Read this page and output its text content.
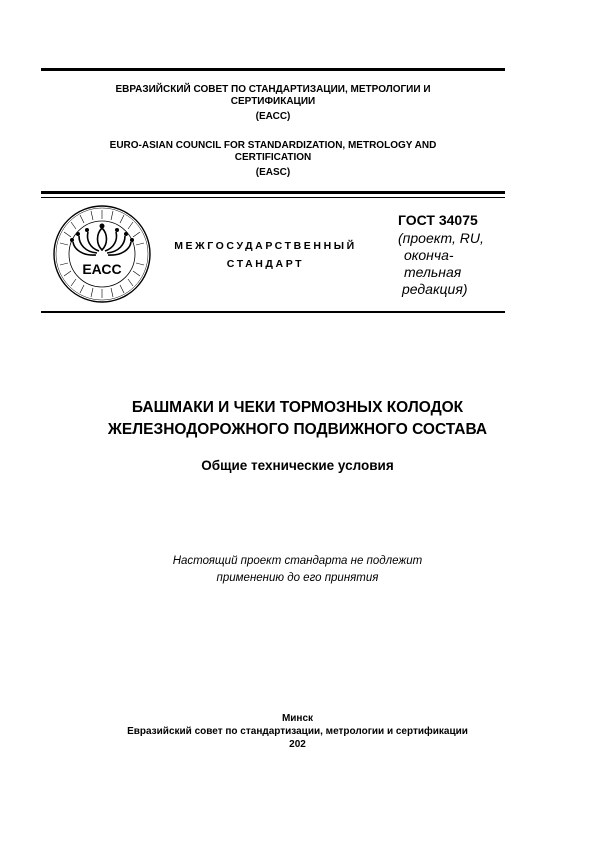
ЕВРАЗИЙСКИЙ СОВЕТ ПО СТАНДАРТИЗАЦИИ, МЕТРОЛОГИИ И
СЕРТИФИКАЦИИ
(ЕАСС)
EURO-ASIAN COUNCIL FOR STANDARDIZATION, METROLOGY AND
CERTIFICATION
(EASC)
ЕАСС
МЕЖГОСУДАРСТВЕННЫЙ
СТАНДАРТ
ГОСТ 34075
(проект, RU,
оконча-
тельная
редакция)
БАШМАКИ И ЧЕКИ ТОРМОЗНЫХ КОЛОДОК
ЖЕЛЕЗНОДОРОЖНОГО ПОДВИЖНОГО СОСТАВА
Общие технические условия
Настоящий проект стандарта не подлежит
применению до его принятия
Минск
Евразийский совет по стандартизации, метрологии и сертификации
202
